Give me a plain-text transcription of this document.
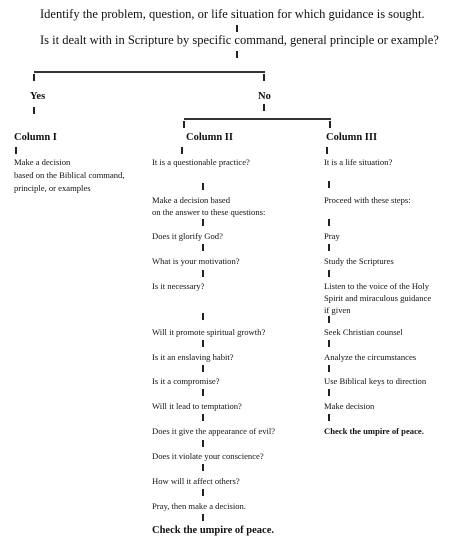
Identify the problem, question, or life situation for which guidance is sought.
Is it dealt with in Scripture by specific command, general principle or example?
Yes	No
Column I	Column II	Column III
Make a decision
based on the Biblical command,
principle, or examples
It is a questionable practice?
Make a decision based
on the answer to these questions:
Does it glorify God?
What is your motivation?
Is it necessary?
Will it promote spiritual growth?
Is it an enslaving habit?
Is it a compromise?
Will it lead to temptation?
Does it give the appearance of evil?
Does it violate your conscience?
How will it affect others?
Pray, then make a decision.
Check the umpire of peace.
It is a life situation?
Proceed with these steps:
Pray
Study the Scriptures
Listen to the voice of the Holy
Spirit and miraculous guidance
if given
Seek Christian counsel
Analyze the circumstances
Use Biblical keys to direction
Make decision
Check the umpire of peace.
